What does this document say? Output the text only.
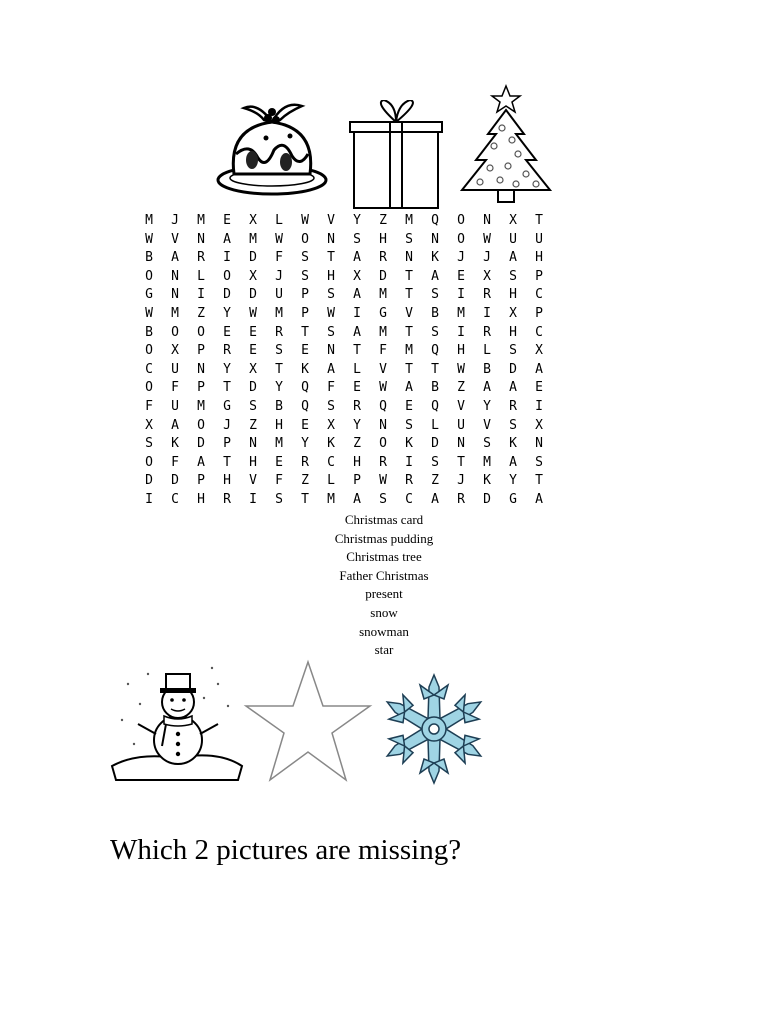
M	J	M	E	X	L	W	V	Y	Z	M	Q	O	N	X	T
W	V	N	A	M	W	O	N	S	H	S	N	O	W	U	U
B	A	R	I	D	F	S	T	A	R	N	K	J	J	A	H
O	N	L	O	X	J	S	H	X	D	T	A	E	X	S	P
G	N	I	D	D	U	P	S	A	M	T	S	I	R	H	C
W	M	Z	Y	W	M	P	W	I	G	V	B	M	I	X	P
B	O	O	E	E	R	T	S	A	M	T	S	I	R	H	C
O	X	P	R	E	S	E	N	T	F	M	Q	H	L	S	X
C	U	N	Y	X	T	K	A	L	V	T	T	W	B	D	A
O	F	P	T	D	Y	Q	F	E	W	A	B	Z	A	A	E
F	U	M	G	S	B	Q	S	R	Q	E	Q	V	Y	R	I
X	A	O	J	Z	H	E	X	Y	N	S	L	U	V	S	X
S	K	D	P	N	M	Y	K	Z	O	K	D	N	S	K	N
O	F	A	T	H	E	R	C	H	R	I	S	T	M	A	S
D	D	P	H	V	F	Z	L	P	W	R	Z	J	K	Y	T
I	C	H	R	I	S	T	M	A	S	C	A	R	D	G	A
Christmas card
Christmas pudding
Christmas tree
Father Christmas
present
snow
snowman
star
Which 2 pictures are missing?
